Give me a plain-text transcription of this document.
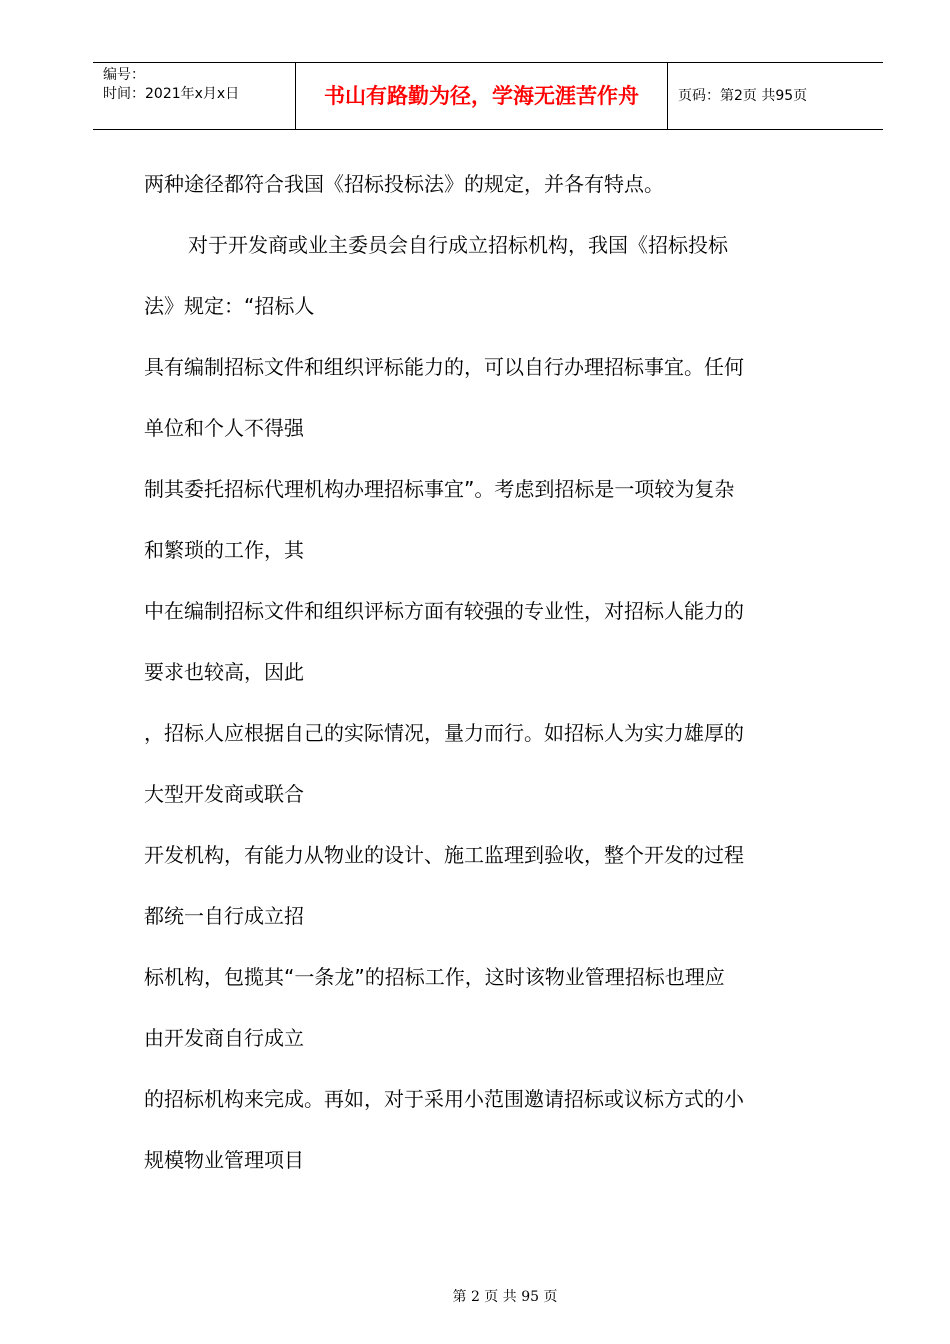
编号：
时间：2021年x月x日	书山有路勤为径，学海无涯苦作舟	页码：第2页 共95页

两种途径都符合我国《招标投标法》的规定，并各有特点。

对于开发商或业主委员会自行成立招标机构，我国《招标投标

法》规定：“招标人

具有编制招标文件和组织评标能力的，可以自行办理招标事宜。任何

单位和个人不得强

制其委托招标代理机构办理招标事宜”。考虑到招标是一项较为复杂

和繁琐的工作，其

中在编制招标文件和组织评标方面有较强的专业性，对招标人能力的

要求也较高，因此

，招标人应根据自己的实际情况，量力而行。如招标人为实力雄厚的

大型开发商或联合

开发机构，有能力从物业的设计、施工监理到验收，整个开发的过程

都统一自行成立招

标机构，包揽其“一条龙”的招标工作，这时该物业管理招标也理应

由开发商自行成立

的招标机构来完成。再如，对于采用小范围邀请招标或议标方式的小

规模物业管理项目

第 2 页 共 95 页
